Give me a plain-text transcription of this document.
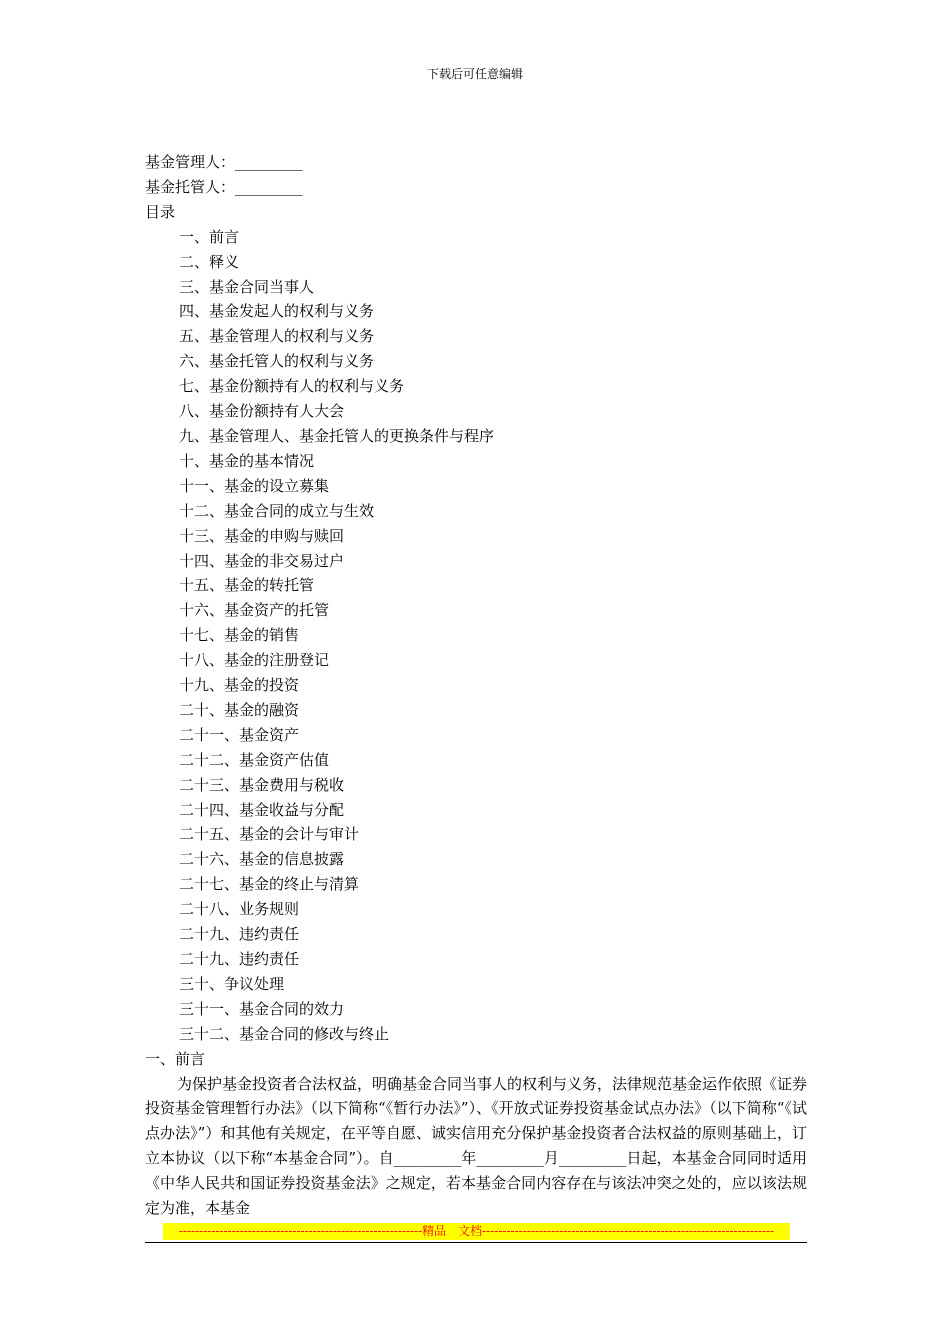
下载后可任意编辑
基金管理人：_________
基金托管人：_________
目录
一、前言
二、释义
三、基金合同当事人
四、基金发起人的权利与义务
五、基金管理人的权利与义务
六、基金托管人的权利与义务
七、基金份额持有人的权利与义务
八、基金份额持有人大会
九、基金管理人、基金托管人的更换条件与程序
十、基金的基本情况
十一、基金的设立募集
十二、基金合同的成立与生效
十三、基金的申购与赎回
十四、基金的非交易过户
十五、基金的转托管
十六、基金资产的托管
十七、基金的销售
十八、基金的注册登记
十九、基金的投资
二十、基金的融资
二十一、基金资产
二十二、基金资产估值
二十三、基金费用与税收
二十四、基金收益与分配
二十五、基金的会计与审计
二十六、基金的信息披露
二十七、基金的终止与清算
二十八、业务规则
二十九、违约责任
二十九、违约责任
三十、争议处理
三十一、基金合同的效力
三十二、基金合同的修改与终止
一、前言
为保护基金投资者合法权益，明确基金合同当事人的权利与义务，法律规范基金运作依照《证券投资基金管理暂行办法》（以下简称“《暂行办法》”）、《开放式证券投资基金试点办法》（以下简称“《试点办法》”）和其他有关规定，在平等自愿、诚实信用充分保护基金投资者合法权益的原则基础上，订立本协议（以下称“本基金合同”）。自_________年_________月_________日起，本基金合同同时适用《中华人民共和国证券投资基金法》之规定，若本基金合同内容存在与该法冲突之处的，应以该法规定为准，本基金
------------------------------------------------------------精品　文档------------------------------------------------------------------------
